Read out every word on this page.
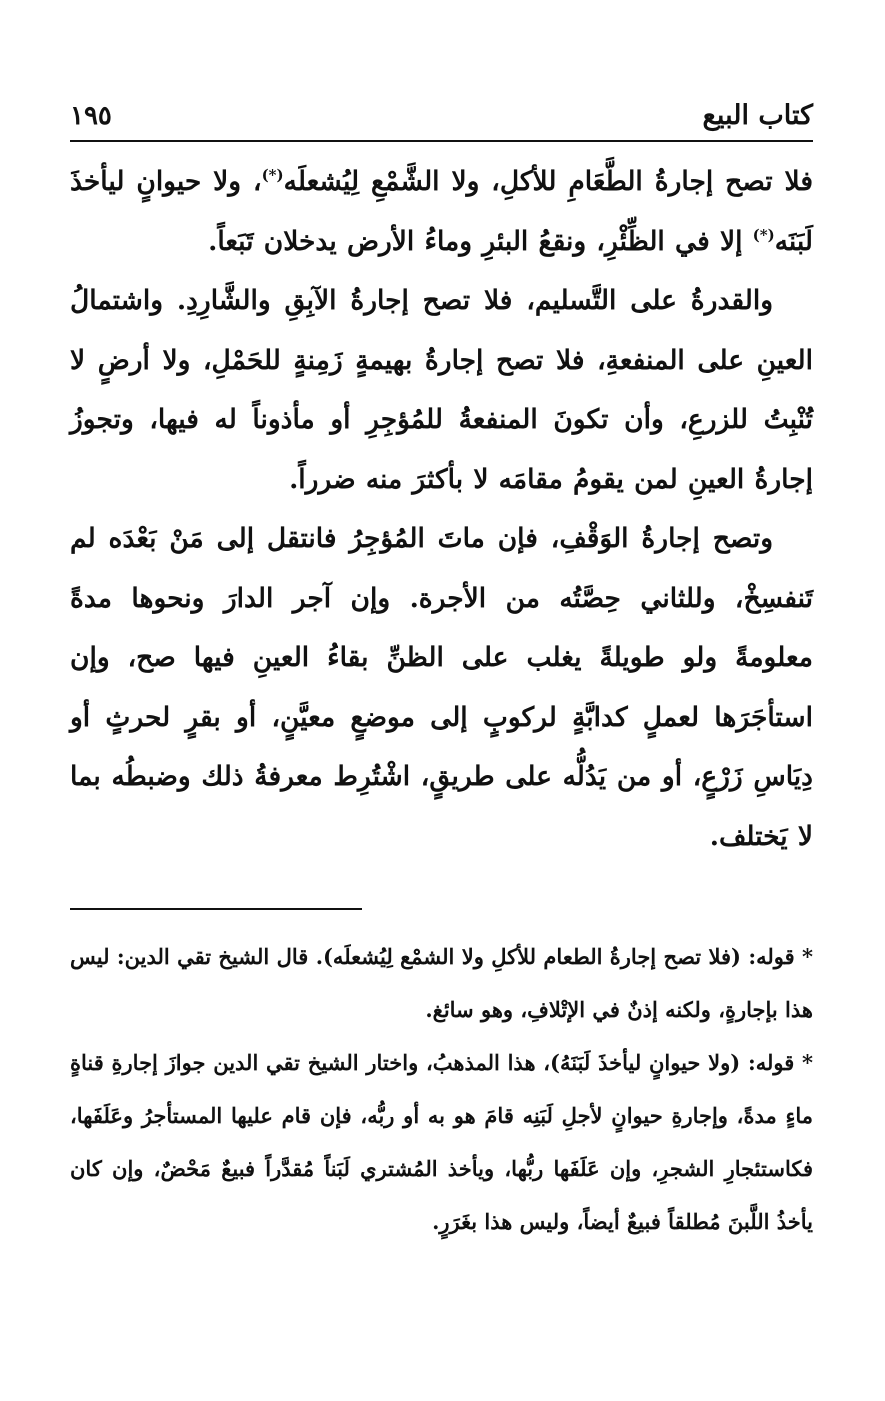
كتاب البيع
١٩٥

فلا تصح إجارةُ الطَّعَامِ للأكلِ، ولا الشَّمْعِ لِيُشعلَه(*)، ولا حيوانٍ ليأخذَ لَبَنَه(*) إلا في الظِّئْرِ، ونقعُ البئرِ وماءُ الأرض يدخلان تَبَعاً.

والقدرةُ على التَّسليم، فلا تصح إجارةُ الآبِقِ والشَّارِدِ. واشتمالُ العينِ على المنفعةِ، فلا تصح إجارةُ بهيمةٍ زَمِنةٍ للحَمْلِ، ولا أرضٍ لا تُنْبِتُ للزرعِ، وأن تكونَ المنفعةُ للمُؤجِرِ أو مأذوناً له فيها، وتجوزُ إجارةُ العينِ لمن يقومُ مقامَه لا بأكثرَ منه ضرراً.

وتصح إجارةُ الوَقْفِ، فإن ماتَ المُؤجِرُ فانتقل إلى مَنْ بَعْدَه لم تَنفسِخْ، وللثاني حِصَّتُه من الأجرة. وإن آجر الدارَ ونحوها مدةً معلومةً ولو طويلةً يغلب على الظنِّ بقاءُ العينِ فيها صح، وإن استأجَرَها لعملٍ كدابَّةٍ لركوبٍ إلى موضعٍ معيَّنٍ، أو بقرٍ لحرثٍ أو دِيَاسِ زَرْعٍ، أو من يَدُلُّه على طريقٍ، اشْتُرِط معرفةُ ذلك وضبطُه بما لا يَختلف.

* قوله: (فلا تصح إجارةُ الطعام للأكلِ ولا الشمْع لِيُشعلَه). قال الشيخ تقي الدين: ليس هذا بإجارةٍ، ولكنه إذنٌ في الإتْلافِ، وهو سائغ.

* قوله: (ولا حيوانٍ ليأخذَ لَبَنَهُ)، هذا المذهبُ، واختار الشيخ تقي الدين جوازَ إجارةِ قناةٍ ماءٍ مدةً، وإجارةِ حيوانٍ لأجلِ لَبَنِه قامَ هو به أو ربُّه، فإن قام عليها المستأجرُ وعَلَفَها، فكاستئجارِ الشجرِ، وإن عَلَفَها ربُّها، ويأخذ المُشتري لَبَناً مُقدَّراً فبيعٌ مَحْضٌ، وإن كان يأخذُ اللَّبنَ مُطلقاً فبيعٌ أيضاً، وليس هذا بغَرَرٍ.
